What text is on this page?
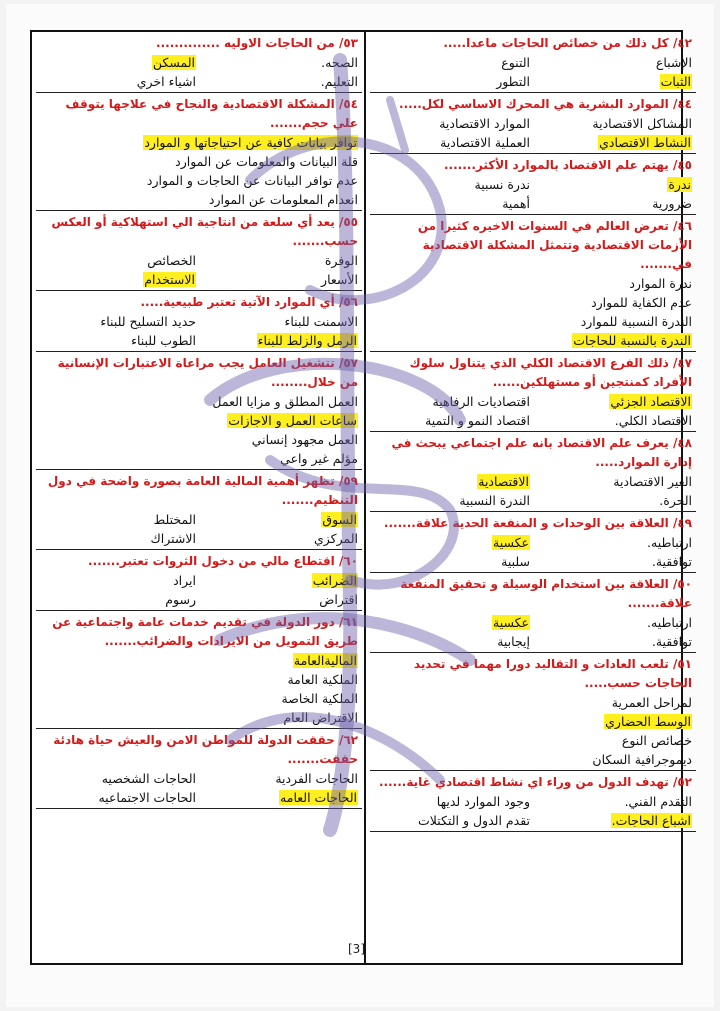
٤٢/ كل ذلك من خصائص الحاجات ماعدا.....
الإشباع
التنوع
الثبات
التطور
٤٤/ الموارد البشرية هي المحرك الاساسي لكل.....
المشاكل الاقتصادية
الموارد الاقتصادية
النشاط الاقتصادي
العملية الاقتصادية
٤٥/ يهتم علم الاقتصاد بالموارد الأكثر.......
ندرة
ندرة نسبية
ضرورية
أهمية
٤٦/ تعرض العالم في السنوات الاخيره كثيرا من الأزمات الاقتصادية وتتمثل المشكلة الاقتصادية في.......
ندرة الموارد
عدم الكفاية للموارد
الندرة النسبية للموارد
الندرة بالنسبة للحاجات
٤٧/ ذلك الفرع الاقتصاد الكلي الذي يتناول سلوك الأفراد كمنتجين أو مستهلكين......
الاقتصاد الجزئي
اقتصاديات الرفاهية
الاقتصاد الكلي.
اقتصاد النمو و التمية
٤٨/ يعرف علم الاقتصاد بانه علم اجتماعي يبحث في إدارة الموارد.....
الغير الاقتصادية
الاقتصادية
الحرة.
الندرة النسبية
٤٩/ العلاقة بين الوحدات و المنفعة الحدية علاقة.......
ارتباطيه.
عكسية
توافقية.
سلبية
٥٠/ العلاقة بين استخدام الوسيلة و تحقيق المنفعة علاقة.......
ارتباطيه.
عكسية
توافقية.
إيجابية
٥١/ تلعب العادات و التقاليد دورا مهما في تحديد الحاجات حسب.....
لمراحل العمرية
الوسط الحضاري
خصائص النوع
ديموجرافية السكان
٥٢/ تهدف الدول من وراء اي نشاط اقتصادي غاية......
التقدم الفني.
وجود الموارد لديها
اشباع الحاجات.
تقدم الدول و التكتلات
٥٣/ من الحاجات الاوليه ..............
الصحه.
المسكن
التعليم.
اشياء اخري
٥٤/ المشكلة الاقتصادية والنجاح في علاجها يتوقف علي حجم.......
توافر بيانات كافية عن احتياجاتها و الموارد
قلة البيانات والمعلومات عن الموارد
عدم توافر البيانات عن الحاجات و الموارد
انعدام المعلومات عن الموارد
٥٥/ يعد أي سلعة من انتاجية الي استهلاكية أو العكس حسب.......
الوفرة
الخصائص
الأسعار
الاستخدام
٥٦/ أي الموارد الآتية تعتبر طبيعية.....
الاسمنت للبناء
حديد التسليح للبناء
الرمل والزلط للبناء
الطوب للبناء
٥٧/ تتشغيل العامل يجب مراعاة الاعتبارات الإنسانية من خلال........
العمل المطلق و مزايا العمل
ساعات العمل و الاجازات
العمل مجهود إنساني
مؤلم غير واعي
٥٩/ تظهر أهمية المالية العامة بصورة واضحة في دول التنظيم.......
السوق
المختلط
المركزي
الاشتراك
٦٠/ اقتطاع مالي من دخول الثروات تعتبر.......
الضرائب
ايراد
اقتراض
رسوم
٦١/ دور الدولة في تقديم خدمات عامة واجتماعية عن طريق التمويل من الايرادات والضرائب.......
الماليةالعامة
الملكية العامة
الملكية الخاصة
الاقتراض العام
٦٢/ حققت الدولة للمواطن الامن والعيش حياة هادئة حققت.......
الحاجات الفردية
الحاجات الشخصيه
الحاجات العامه
الحاجات الاجتماعيه
[3]
